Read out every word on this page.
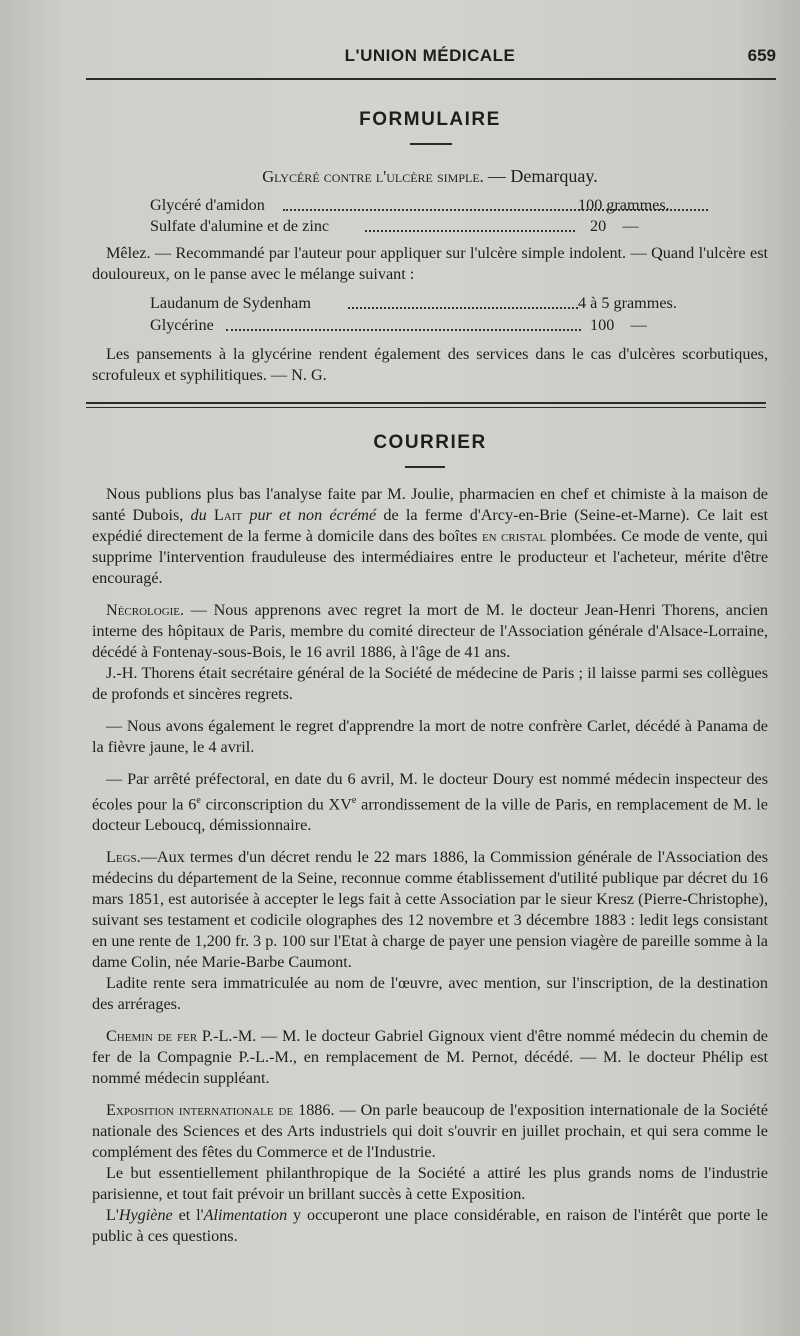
L'UNION MÉDICALE	659
FORMULAIRE
Glycéré contre l'ulcère simple. — Demarquay.
Glycéré d'amidon	100 grammes.
Sulfate d'alumine et de zinc	20    —

Mêlez. — Recommandé par l'auteur pour appliquer sur l'ulcère simple indolent. — Quand l'ulcère est douloureux, on le panse avec le mélange suivant :

Laudanum de Sydenham	4 à 5 grammes.
Glycérine	100    —

Les pansements à la glycérine rendent également des services dans le cas d'ulcères scorbutiques, scrofuleux et syphilitiques. — N. G.

COURRIER

Nous publions plus bas l'analyse faite par M. Joulie, pharmacien en chef et chimiste à la maison de santé Dubois, du Lait pur et non écrémé de la ferme d'Arcy-en-Brie (Seine-et-Marne). Ce lait est expédié directement de la ferme à domicile dans des boîtes en cristal plombées. Ce mode de vente, qui supprime l'intervention frauduleuse des intermédiaires entre le producteur et l'acheteur, mérite d'être encouragé.

Nécrologie. — Nous apprenons avec regret la mort de M. le docteur Jean-Henri Thorens, ancien interne des hôpitaux de Paris, membre du comité directeur de l'Association générale d'Alsace-Lorraine, décédé à Fontenay-sous-Bois, le 16 avril 1886, à l'âge de 41 ans.

J.-H. Thorens était secrétaire général de la Société de médecine de Paris ; il laisse parmi ses collègues de profonds et sincères regrets.

— Nous avons également le regret d'apprendre la mort de notre confrère Carlet, décédé à Panama de la fièvre jaune, le 4 avril.

— Par arrêté préfectoral, en date du 6 avril, M. le docteur Doury est nommé médecin inspecteur des écoles pour la 6e circonscription du XVe arrondissement de la ville de Paris, en remplacement de M. le docteur Leboucq, démissionnaire.

Legs.—Aux termes d'un décret rendu le 22 mars 1886, la Commission générale de l'Association des médecins du département de la Seine, reconnue comme établissement d'utilité publique par décret du 16 mars 1851, est autorisée à accepter le legs fait à cette Association par le sieur Kresz (Pierre-Christophe), suivant ses testament et codicile olographes des 12 novembre et 3 décembre 1883 : ledit legs consistant en une rente de 1,200 fr. 3 p. 100 sur l'Etat à charge de payer une pension viagère de pareille somme à la dame Colin, née Marie-Barbe Caumont.

Ladite rente sera immatriculée au nom de l'œuvre, avec mention, sur l'inscription, de la destination des arrérages.

Chemin de fer P.-L.-M. — M. le docteur Gabriel Gignoux vient d'être nommé médecin du chemin de fer de la Compagnie P.-L.-M., en remplacement de M. Pernot, décédé. — M. le docteur Phélip est nommé médecin suppléant.

Exposition internationale de 1886. — On parle beaucoup de l'exposition internationale de la Société nationale des Sciences et des Arts industriels qui doit s'ouvrir en juillet prochain, et qui sera comme le complément des fêtes du Commerce et de l'Industrie.

Le but essentiellement philanthropique de la Société a attiré les plus grands noms de l'industrie parisienne, et tout fait prévoir un brillant succès à cette Exposition.

L'Hygiène et l'Alimentation y occuperont une place considérable, en raison de l'intérêt que porte le public à ces questions.
